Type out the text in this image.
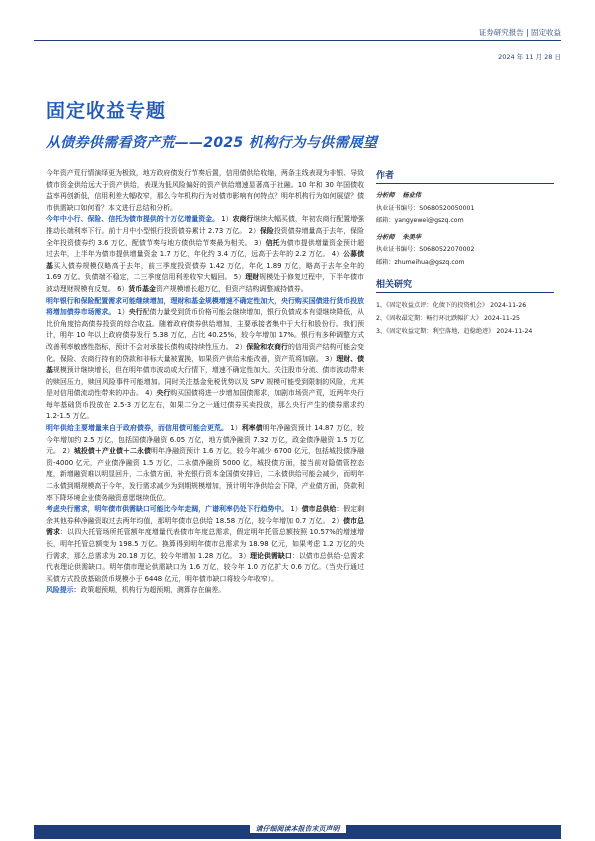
证券研究报告 | 固定收益
2024 年 11 月 28 日
固定收益专题
从债券供需看资产荒——2025 机构行为与供需展望

今年资产荒行情演绎更为极致，地方政府债发行节奏后置，信用债供给收缩，两条主线表现为非银、导致债市资金供给远大于资产供给，表现为低风险偏好的资产供给增速显著高于社融。10 年和 30 年国债收益率再创新低，信用利差大幅收窄，那么今年机构行为对债市影响有何特点？明年机构行为如何展望？债市供需缺口如何看？本文进行总结和分析。

今年中小行、保险、信托为债市提供的十万亿增量资金。 1）农商行继续大幅买债，年初农商行配置增强推动长端利率下行。前十月中小型银行投资债券累计 2.73 万亿。 2）保险投资债券增量高于去年，保险全年投资债券约 3.6 万亿，配债节奏与地方债供给节奏最为相关。 3）信托为债市提供增量资金预计超过去年，上半年为债市提供增量资金 1.7 万亿，年化约 3.4 万亿，远高于去年的 2.2 万亿。 4）公募债基买入债券规模仅略高于去年，前三季度投资债券 1.42 万亿，年化 1.89 万亿，略高于去年全年的 1.69 万亿。负债端不稳定，二三季度信用利差收窄大幅回。 5）理财规模处于修复过程中，下半年债市波动理财规模有反复。 6）货币基金资产规模增长超万亿，但资产结构调整减持债券。

明年银行和保险配置需求可能继续增加，理财和基金规模增速不确定性加大，央行购买国债进行货币投放将增加债券市场需求。 1）央行配债力量受到货币价格可能会继续增加，银行负债成本有望继续降低，从比价角度拾高债券投资的综合收益。随着政府债券供给增加，主要承接者集中于大行和股份行。我们预计，明年 10 年以上政府债券发行 5.38 万亿，占比 40.25%，较今年增加 17%。银行有多种调整方式改善利率敏感性指标，预计不会对承接长债构成持续性压力。 2）保险和农商行的信用资产结构可能会变化。保险、农商行持有的贷款和非标大量被置换，如果资产供给未能改善，资产荒将加剧。 3）理财、债基规模预计继续增长，但在明年债市波动或大行情下，增速不确定性加大。关注股市分流、债市波动带来的赎回压力，赎回风险事件可能增加。同时关注基金免税优势以及 SPV 规模可能受到限制的风险，尤其是对信用债流动性带来的冲击。 4）央行购买国债将进一步增加国债需求，加剧市场资产荒，近两年央行每年基础货币投放在 2.5-3 万亿左右，如果二分之一通过债券买卖投放，那么央行产生的债券需求约 1.2-1.5 万亿。

明年供给主要增量来自于政府债券，而信用债可能会更荒。 1）利率债明年净融资预计 14.87 万亿，较今年增加约 2.5 万亿，包括国债净融资 6.05 万亿，地方债净融资 7.32 万亿，政金债净融资 1.5 万亿元。 2）城投债＋产业债＋二永债明年净融资预计 1.6 万亿，较今年减少 6700 亿元，包括城投债净融资-4000 亿元，产业债净融资 1.5 万亿，二永债净融资 5000 亿，城投债方面，接当前对隐债管控态度，新增融资难以明显回升，二永债方面，补充银行资本金国债安排后，二永债供给可能会减少，而明年二永债到期规模高于今年，发行需求减少为到期规模增加，预计明年净供给会下降，产业债方面，贷款利率下降环境企业债务融资意愿继续低位。

考虑央行需求，明年债市供需缺口可能比今年走阔，广谱利率仍处下行趋势中。 1）债市总供给：假定剩余其他券种净融资取过去两年均值，那明年债市总供给 18.58 万亿，较今年增加 0.7 万亿。 2）债市总需求：以四大托管场所托管额年度增量代表债市年度总需求，假定明年托管总额按照 10.57%的增速增长，明年托管总额变为 198.5 万亿。换算得到明年债市总需求为 18.98 亿元，如果考虑 1.2 万亿的央行需求，那么总需求为 20.18 万亿，较今年增加 1.28 万亿。 3）理论供需缺口：以债市总供给-总需求代表理论供需缺口。明年债市理论供需缺口为 1.6 万亿，较今年 1.0 万亿扩大 0.6 万亿。（当央行通过买债方式投放基础货币规模小于 6448 亿元，明年债市缺口将较今年收窄）。

风险提示：政策超预期，机构行为超预期，测算存在偏差。

作者
分析师 杨业伟
执业证书编号：S0680520050001
邮箱：yangyewei@gszq.com
分析师 朱美华
执业证书编号：S0680522070002
邮箱：zhumeihua@gszq.com
相关研究
1、《固定收益点评：化债下的投资机会》 2024-11-26
2、《固收最定期：畅行环比跌幅扩大》 2024-11-25
3、《固定收益定期：利空落地，趋稳绝迹》 2024-11-24
请仔细阅读本报告末页声明
